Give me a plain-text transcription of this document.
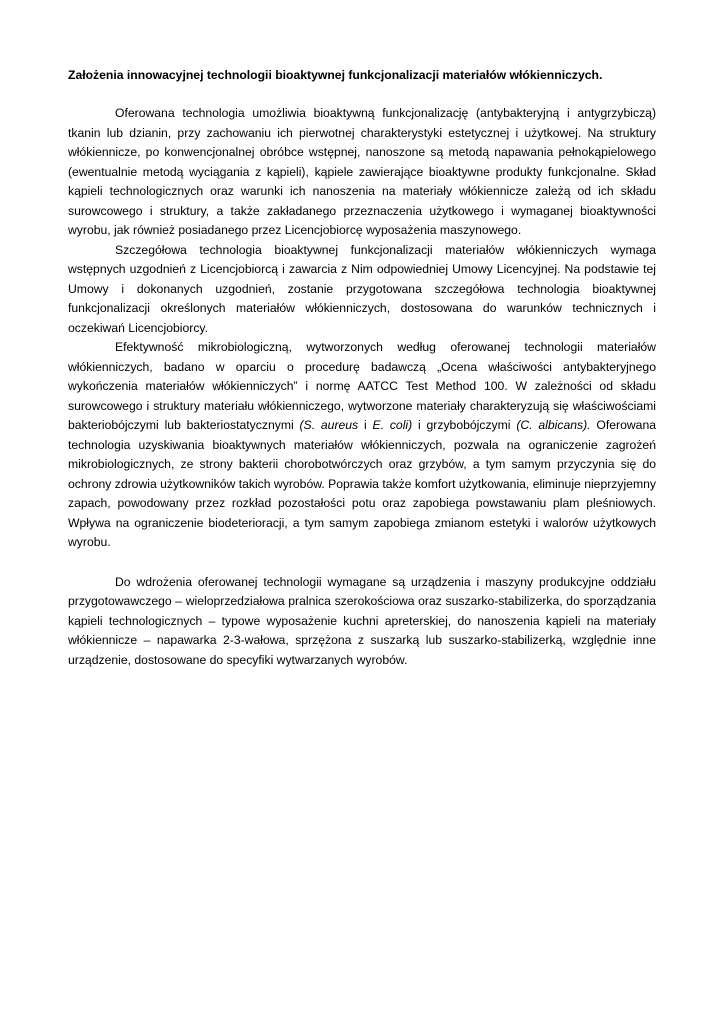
Założenia innowacyjnej technologii bioaktywnej funkcjonalizacji materiałów włókienniczych.

Oferowana technologia umożliwia bioaktywną funkcjonalizację (antybakteryjną i antygrzybiczą) tkanin lub dzianin, przy zachowaniu ich pierwotnej charakterystyki estetycznej i użytkowej. Na struktury włókiennicze, po konwencjonalnej obróbce wstępnej, nanoszone są metodą napawania pełnokąpielowego (ewentualnie metodą wyciągania z kąpieli), kąpiele zawierające bioaktywne produkty funkcjonalne. Skład kąpieli technologicznych oraz warunki ich nanoszenia na materiały włókiennicze zależą od ich składu surowcowego i struktury, a także zakładanego przeznaczenia użytkowego i wymaganej bioaktywności wyrobu, jak również posiadanego przez Licencjobiorcę wyposażenia maszynowego.

Szczegółowa technologia bioaktywnej funkcjonalizacji materiałów włókienniczych wymaga wstępnych uzgodnień z Licencjobiorcą i zawarcia z Nim odpowiedniej Umowy Licencyjnej. Na podstawie tej Umowy i dokonanych uzgodnień, zostanie przygotowana szczegółowa technologia bioaktywnej funkcjonalizacji określonych materiałów włókienniczych, dostosowana do warunków technicznych i oczekiwań Licencjobiorcy.

Efektywność mikrobiologiczną, wytworzonych według oferowanej technologii materiałów włókienniczych, badano w oparciu o procedurę badawczą „Ocena właściwości antybakteryjnego wykończenia materiałów włókienniczych” i normę AATCC Test Method 100. W zależności od składu surowcowego i struktury materiału włókienniczego, wytworzone materiały charakteryzują się właściwościami bakteriobójczymi lub bakteriostatycznymi (S. aureus i E. coli) i grzybobójczymi (C. albicans). Oferowana technologia uzyskiwania bioaktywnych materiałów włókienniczych, pozwala na ograniczenie zagrożeń mikrobiologicznych, ze strony bakterii chorobotwórczych oraz grzybów, a tym samym przyczynia się do ochrony zdrowia użytkowników takich wyrobów. Poprawia także komfort użytkowania, eliminuje nieprzyjemny zapach, powodowany przez rozkład pozostałości potu oraz zapobiega powstawaniu plam pleśniowych. Wpływa na ograniczenie biodeterioracji, a tym samym zapobiega zmianom estetyki i walorów użytkowych wyrobu.

Do wdrożenia oferowanej technologii wymagane są urządzenia i maszyny produkcyjne oddziału przygotowawczego – wieloprzedziałowa pralnica szerokościowa oraz suszarko-stabilizerka, do sporządzania kąpieli technologicznych – typowe wyposażenie kuchni apreterskiej, do nanoszenia kąpieli na materiały włókiennicze – napawarka 2-3-wałowa, sprzężona z suszarką lub suszarko-stabilizerką, względnie inne urządzenie, dostosowane do specyfiki wytwarzanych wyrobów.
